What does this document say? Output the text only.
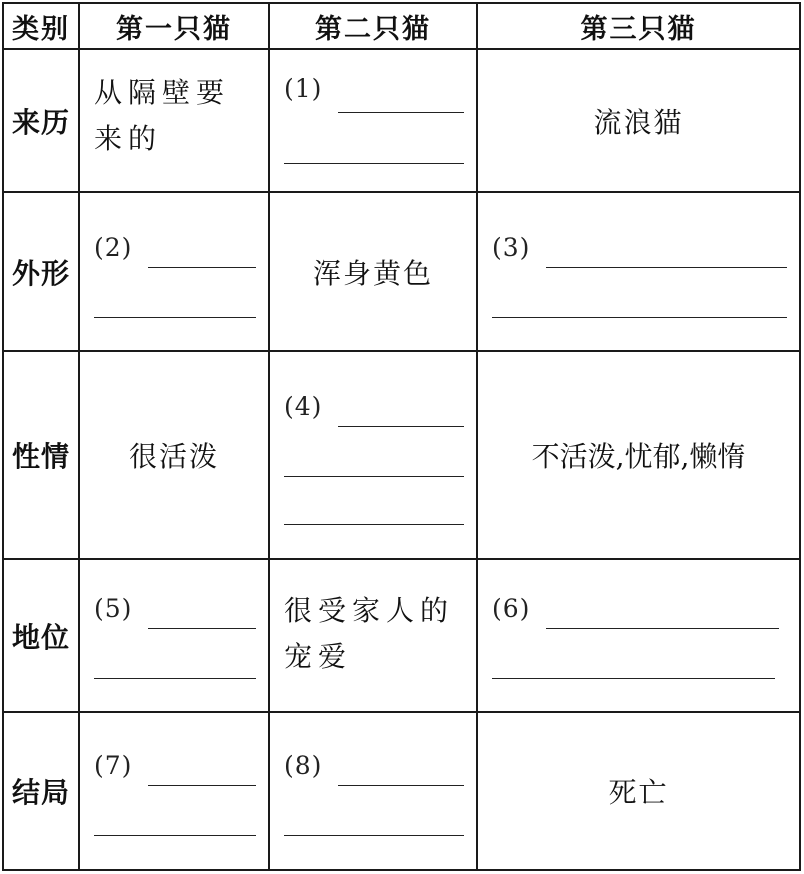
类别	第一只猫	第二只猫	第三只猫
来历	从隔壁要来的	(1)	流浪猫
外形	(2)	浑身黄色	(3)

性情	很活泼	(4)	不活泼,忧郁,懒惰
地位	(5)	很受家人的宠爱	(6)

结局	(7)	(8)	死亡
